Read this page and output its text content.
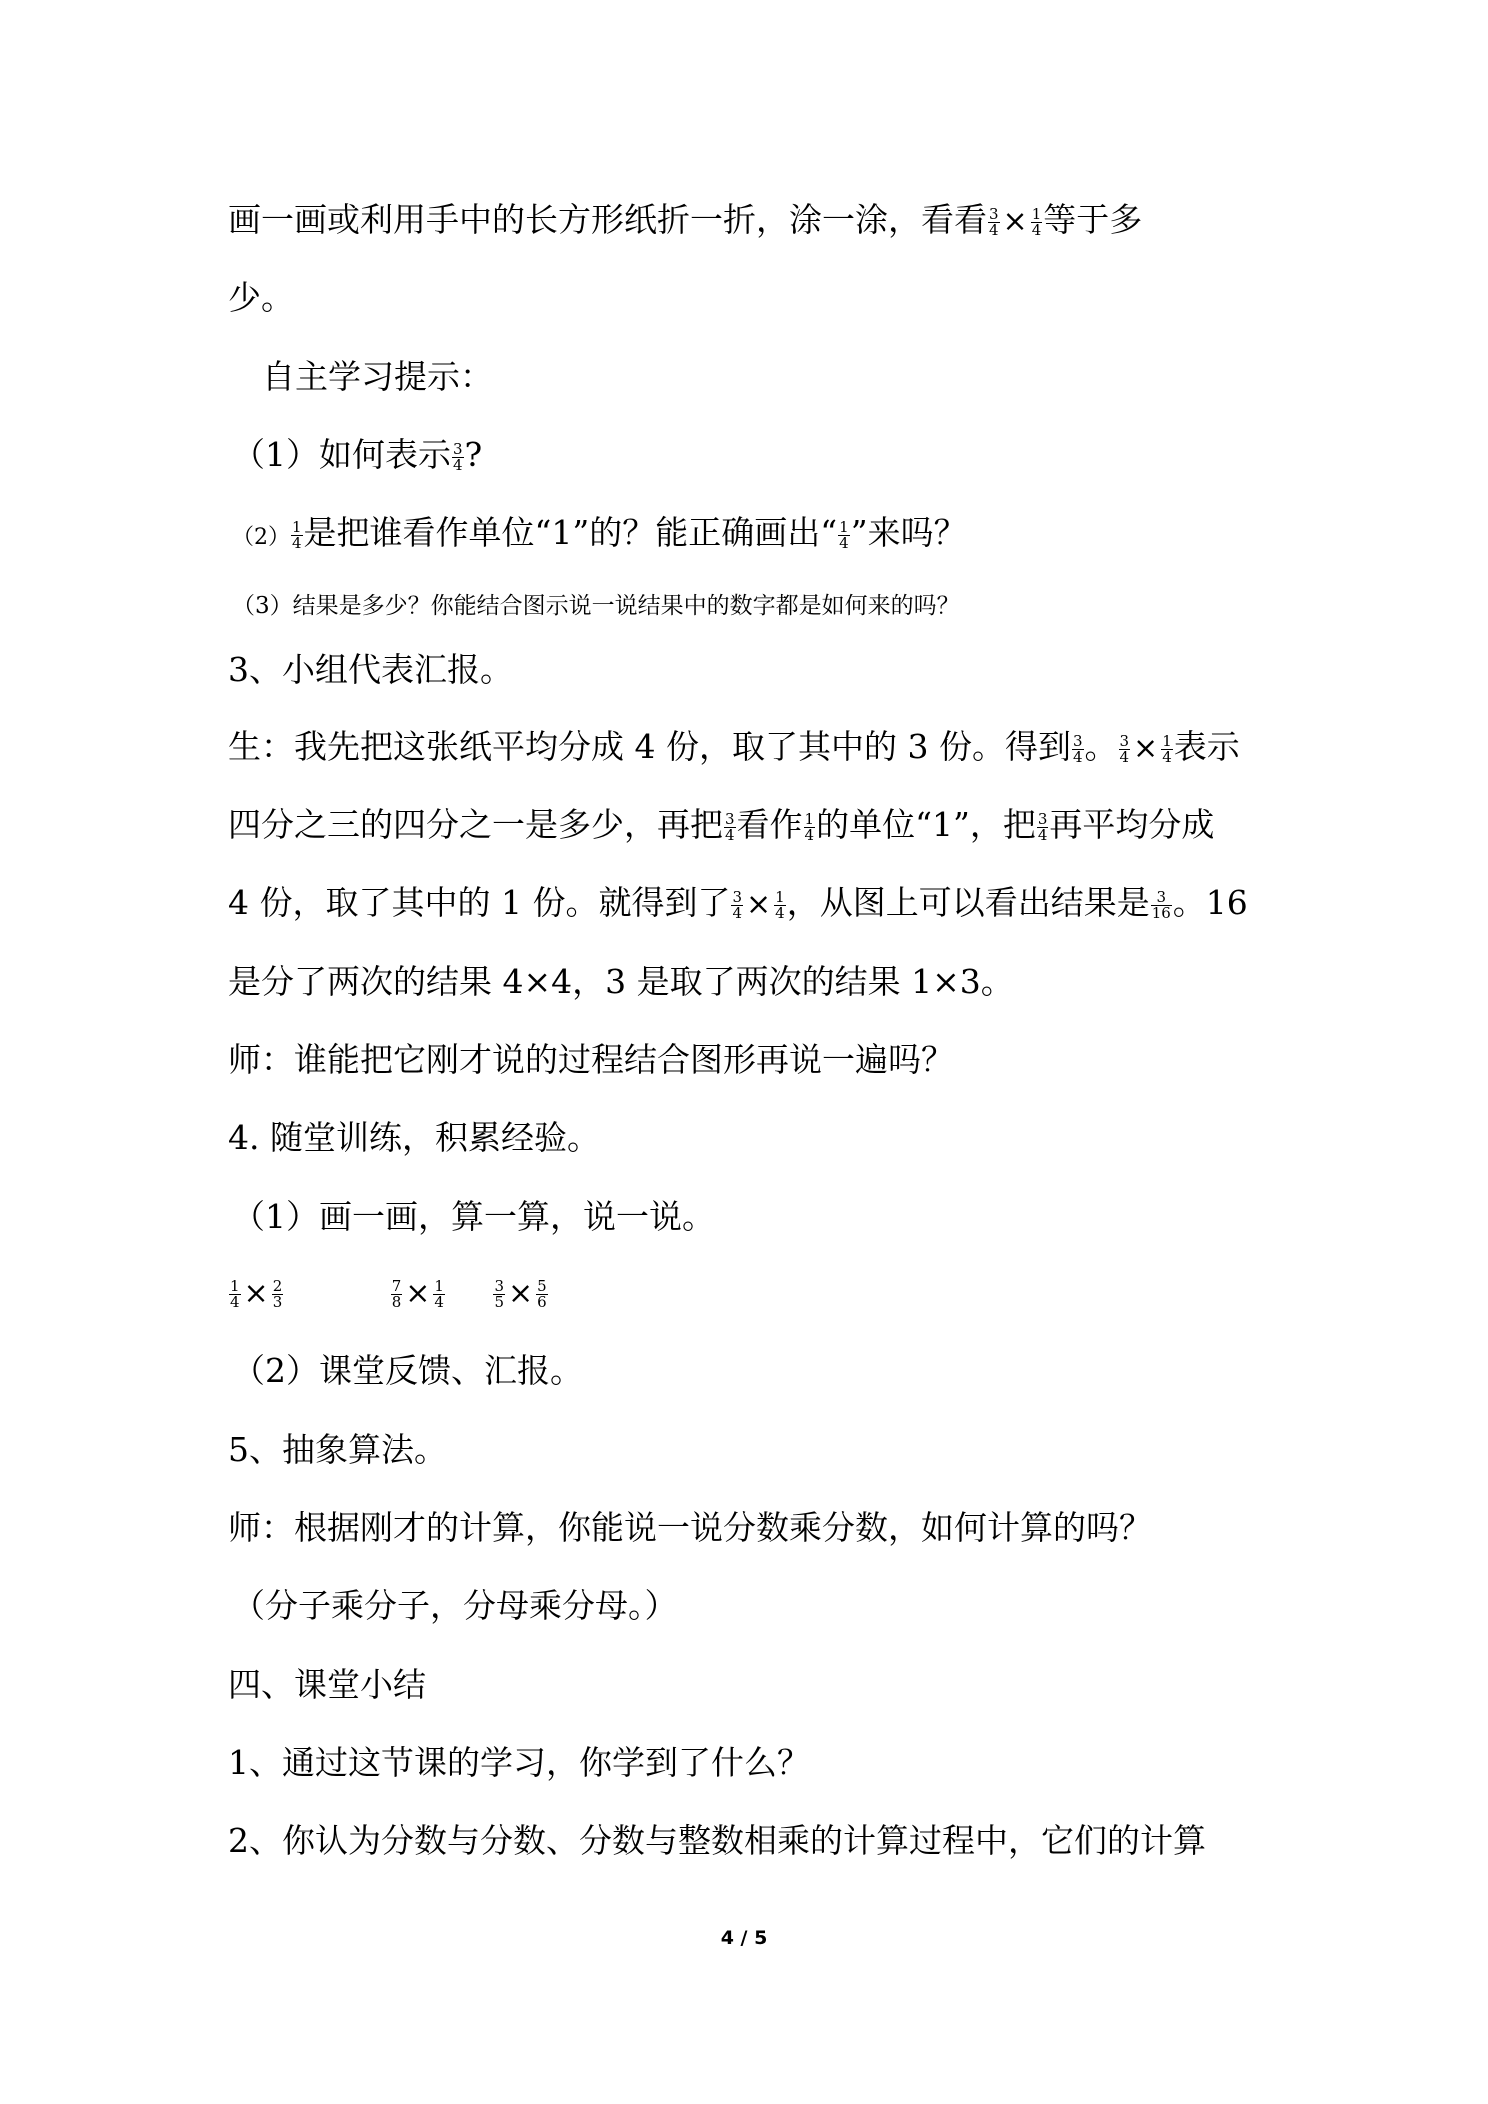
画一画或利用手中的长方形纸折一折，涂一涂，看看 $\frac{3}{4} \times \frac{1}{4}$ 等于多
少。
自主学习提示：
（1）如何表示 $\frac{3}{4}$ ?
$(2) \frac{1}{4}$ 是把谁看作单位“1”的？能正确画出“ $\frac{1}{4}$ ”来吗？
（3）结果是多少？你能结合图示说一说结果中的数字都是如何来的吗？
3、小组代表汇报。
生：我先把这张纸平均分成 4 份，取了其中的 3 份。得到 $\frac{3}{4}$ 。 $\frac{3}{4} \times \frac{1}{4}$ 表示
四分之三的四分之一是多少，再把 $\frac{3}{4}$ 看作 $\frac{1}{4}$ 的单位“1”，把 $\frac{3}{4}$ 再平均分成
4 份，取了其中的 1 份。就得到了 $\frac{3}{4} \times \frac{1}{4}$ ，从图上可以看出结果是 $\frac{3}{16}$ 。16
是分了两次的结果 4×4，3 是取了两次的结果 1×3。
师：谁能把它刚才说的过程结合图形再说一遍吗？
4. 随堂训练，积累经验。
（1）画一画，算一算，说一说。
$\frac{1}{4} \times \frac{2}{3}$
	$\frac{7}{8} \times \frac{1}{4}$
	$\frac{3}{5} \times \frac{5}{6}$
（2）课堂反馈、汇报。
5、抽象算法。
师：根据刚才的计算，你能说一说分数乘分数，如何计算的吗？
（分子乘分子，分母乘分母。）
四、课堂小结
1、通过这节课的学习，你学到了什么？
2、你认为分数与分数、分数与整数相乘的计算过程中，它们的计算
4 / 5
